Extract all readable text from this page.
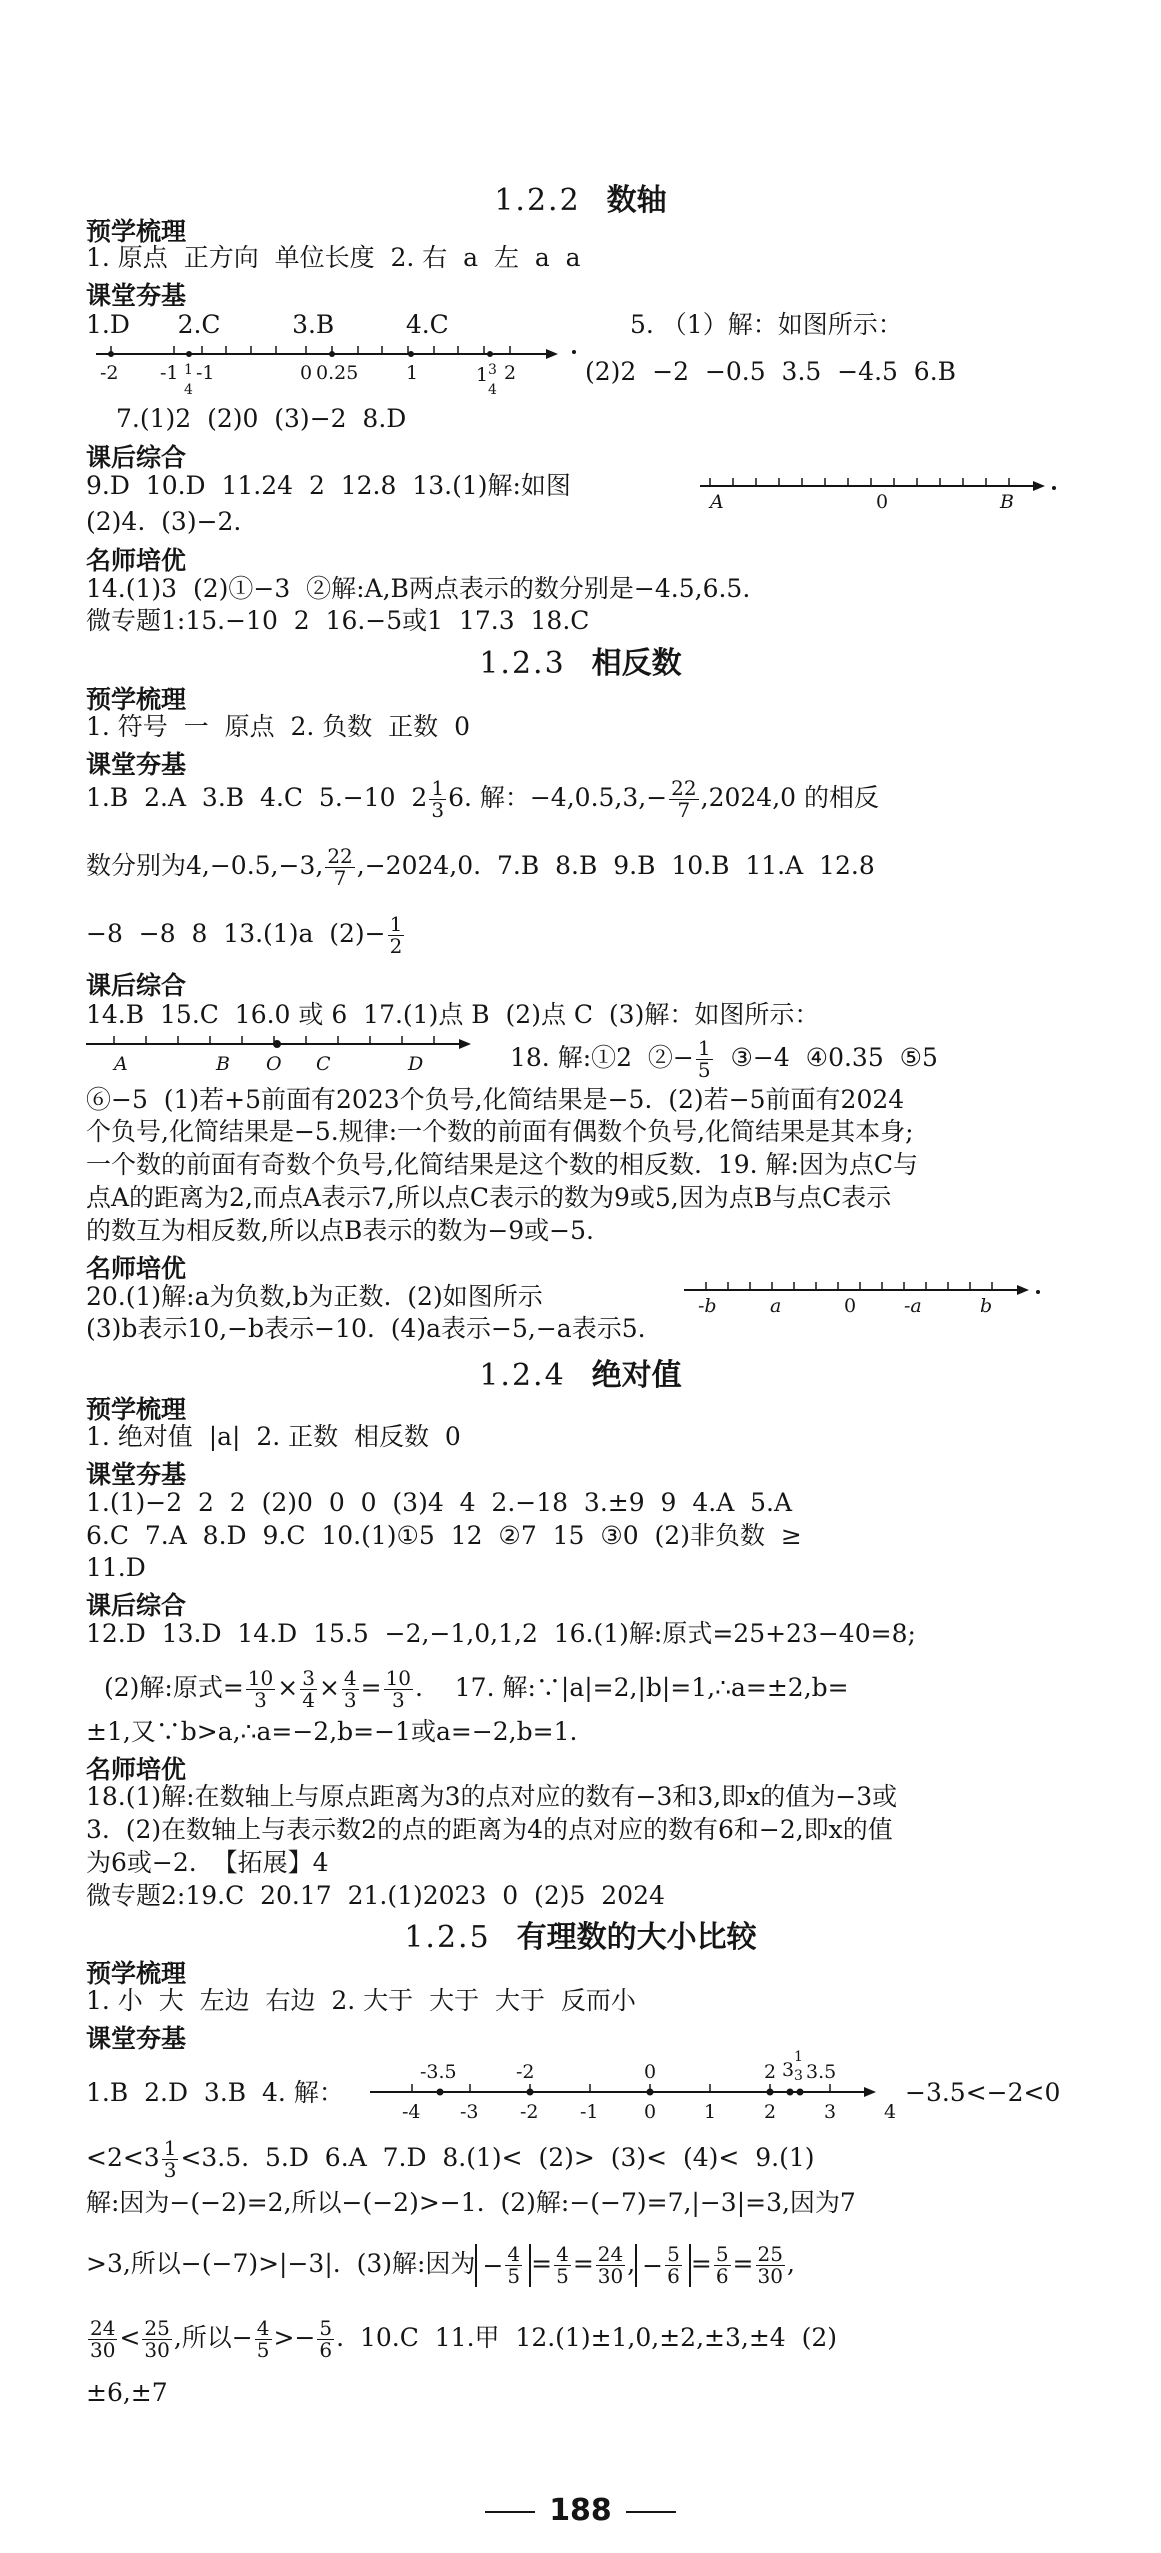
1.2.2 数轴
预学梳理
1. 原点  正方向  单位长度  2. 右  a  左  a  a
课堂夯基
1.D      2.C         3.B         4.C	5. （1）解：如图所示：
-2 -1 1
4
-1	0 0.25	1	1 3
4
2	(2)2  −2  −0.5  3.5  −4.5  6.B
7.(1)2  (2)0  (3)−2  8.D
课后综合
9.D  10.D  11.24  2  12.8  13.(1)解:如图
A	0	B
(2)4.  (3)−2.
名师培优
14.(1)3  (2)①−3  ②解:A,B两点表示的数分别是−4.5,6.5.
微专题1:15.−10  2  16.−5或1  17.3  18.C
1.2.3 相反数
预学梳理
1. 符号  一  原点  2. 负数  正数  0
课堂夯基
1.B  2.A  3.B  4.C  5.−10  $2 \frac{1}{3} 6$. 解：$-4,0.5,3,- \frac{22}{7} ,2024,0$ 的相反
数分别为4,−0.5,−3, $\frac{22}{7} ,-2024,0$.  7.B  8.B  9.B  10.B  11.A  12.8
−8  −8  8  13.(1)a  $(2)- \frac{1}{2}$
课后综合
14.B  15.C  16.0 或 6  17.(1)点 B  (2)点 C  (3)解：如图所示：
A	B O C	D	18. 解:①2  ②− $\frac{1}{5}$ ③−4  ④0.35  ⑤5
⑥−5  (1)若+5前面有2023个负号,化简结果是−5.  (2)若−5前面有2024
个负号,化简结果是−5.规律:一个数的前面有偶数个负号,化简结果是其本身;
一个数的前面有奇数个负号,化简结果是这个数的相反数.  19. 解:因为点C与
点A的距离为2,而点A表示7,所以点C表示的数为9或5,因为点B与点C表示
的数互为相反数,所以点B表示的数为−9或−5.
名师培优
20.(1)解:a为负数,b为正数.  (2)如图所示	-b	a	0	-a	b
(3)b表示10,−b表示−10.  (4)a表示−5,−a表示5.
1.2.4 绝对值
预学梳理
1. 绝对值  |a|  2. 正数  相反数  0
课堂夯基
1.(1)−2  2  2  (2)0  0  0  (3)4  4  2.−18  3.±9  9  4.A  5.A
6.C  7.A  8.D  9.C  10.(1)①5  12  ②7  15  ③0  (2)非负数  ≥
11.D
课后综合
12.D  13.D  14.D  15.5  −2,−1,0,1,2  16.(1)解:原式=25+23−40=8;
(2)解:原式= $\frac{10}{3} \times \frac{3}{4} \times \frac{4}{3} = \frac{10}{3}$ .    17. 解:∵|a|=2,|b|=1,∴a=±2,b=
±1,又∵b>a,∴a=−2,b=−1或a=−2,b=1.
名师培优
18.(1)解:在数轴上与原点距离为3的点对应的数有−3和3,即x的值为−3或
3.  (2)在数轴上与表示数2的点的距离为4的点对应的数有6和−2,即x的值
为6或−2.  【拓展】4
微专题2:19.C  20.17  21.(1)2023  0  (2)5  2024
1.2.5 有理数的大小比较
预学梳理
1. 小  大  左边  右边  2. 大于  大于  大于  反而小
课堂夯基
1.B  2.D  3.B  4. 解：
-3.5	-2	0	2 3
1
3 3.5
-4 -3 -2 -1 0	1	2	3	4
−3.5<−2<0
$<2<3 \frac{1}{3} <3.5$.  5.D  6.A  7.D  8.(1)<  (2)>  (3)<  (4)<  9.(1)
解:因为−(−2)=2,所以−(−2)>−1.  (2)解:−(−7)=7,|−3|=3,因为7
>3,所以−(−7)>|−3|.  (3)解:因为 − $\frac{4}{5} = \frac{4}{5} = \frac{24}{30}$ , − $\frac{5}{6} = \frac{5}{6} = \frac{25}{30}$ ,
$\frac{24}{30} < \frac{25}{30}$ ,所以− $\frac{4}{5} >- \frac{5}{6}$ .  10.C  11.甲  12.(1)±1,0,±2,±3,±4  (2)
±6,±7
188
